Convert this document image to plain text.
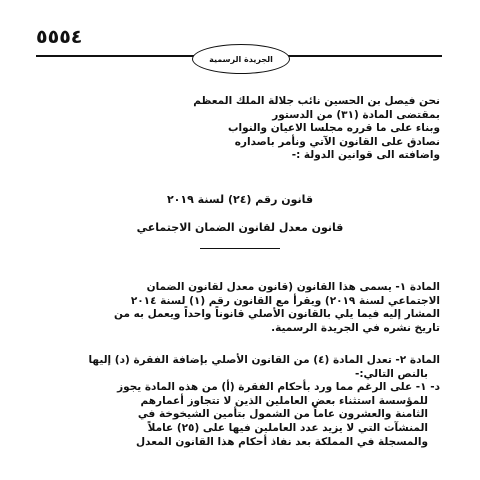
٥٥٥٤
الجريدة الرسمية

نحن فيصل بن الحسين نائب جلالة الملك المعظم

بمقتضى المادة (٣١) من الدستور

وبناء على ما قرره مجلسا الاعيان والنواب

نصادق على القانون الآتي ونأمر باصداره

واضافته الى قوانين الدولة :-

قانون رقم (٢٤) لسنة ٢٠١٩
قانون معدل لقانون الضمان الاجتماعي

المادة ١- يسمى هذا القانون (قانون معدل لقانون الضمان

الاجتماعي لسنة ٢٠١٩) ويقرأ مع القانون رقم (١) لسنة ٢٠١٤

المشار إليه فيما يلي بالقانون الأصلي قانوناً واحداً ويعمل به من

تاريخ نشره في الجريدة الرسمية.

المادة ٢- تعدل المادة (٤) من القانون الأصلي بإضافة الفقرة (د) إليها

بالنص التالي:-

د- ١- على الرغم مما ورد بأحكام الفقرة (أ) من هذه المادة يجوز

للمؤسسة استثناء بعض العاملين الذين لا تتجاوز أعمارهم

الثامنة والعشرون عاماً من الشمول بتأمين الشيخوخة في

المنشآت التي لا يزيد عدد العاملين فيها على (٢٥) عاملاً

والمسجلة في المملكة بعد نفاذ أحكام هذا القانون المعدل
